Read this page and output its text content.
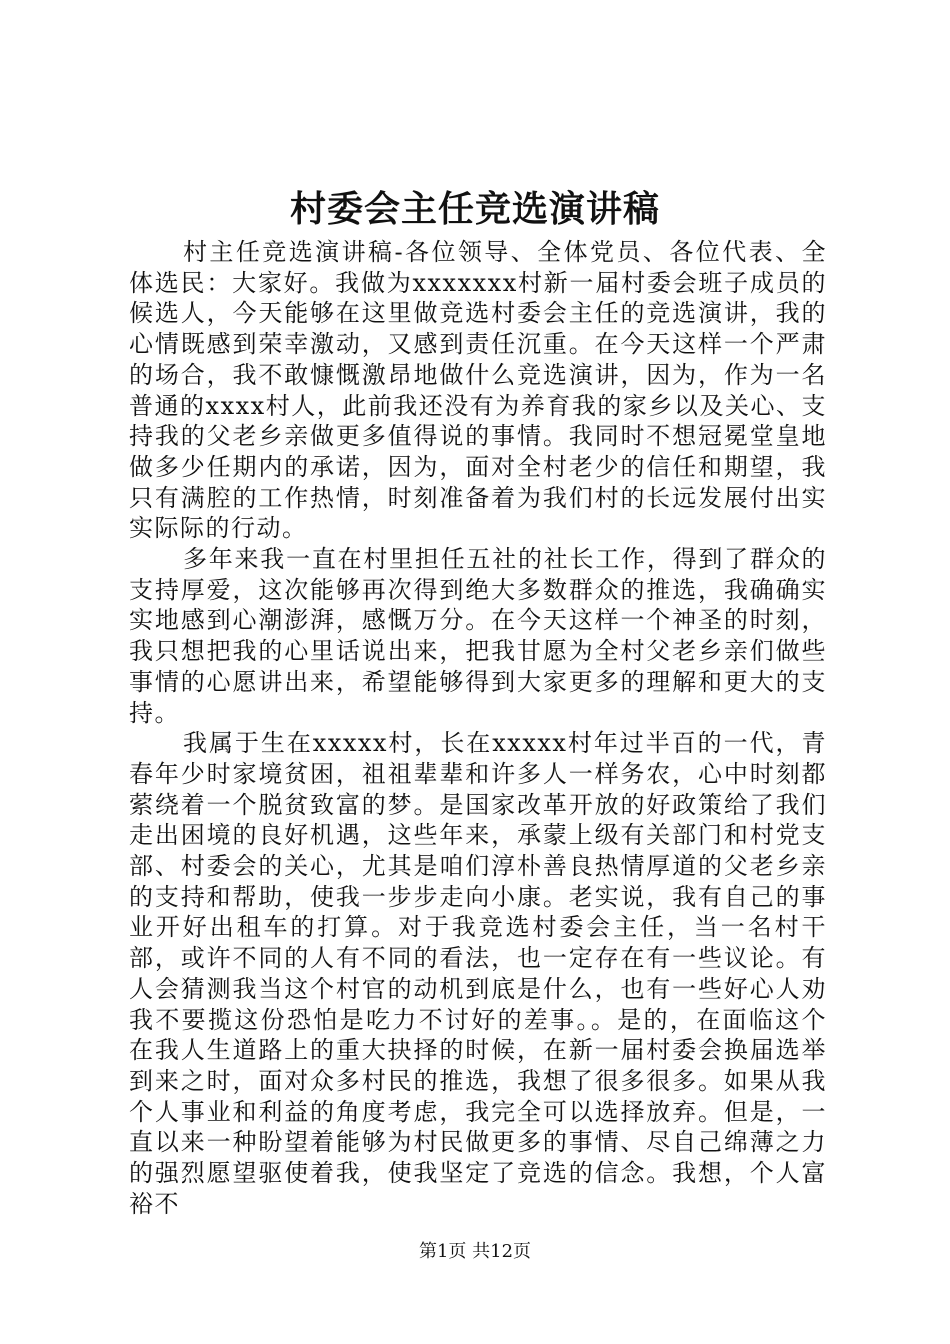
村委会主任竞选演讲稿

村主任竞选演讲稿-各位领导、全体党员、各位代表、全体选民：大家好。我做为xxxxxxx村新一届村委会班子成员的候选人，今天能够在这里做竞选村委会主任的竞选演讲，我的心情既感到荣幸激动，又感到责任沉重。在今天这样一个严肃的场合，我不敢慷慨激昂地做什么竞选演讲，因为，作为一名普通的xxxx村人，此前我还没有为养育我的家乡以及关心、支持我的父老乡亲做更多值得说的事情。我同时不想冠冕堂皇地做多少任期内的承诺，因为，面对全村老少的信任和期望，我只有满腔的工作热情，时刻准备着为我们村的长远发展付出实实际际的行动。

多年来我一直在村里担任五社的社长工作，得到了群众的支持厚爱，这次能够再次得到绝大多数群众的推选，我确确实实地感到心潮澎湃，感慨万分。在今天这样一个神圣的时刻，我只想把我的心里话说出来，把我甘愿为全村父老乡亲们做些事情的心愿讲出来，希望能够得到大家更多的理解和更大的支持。

我属于生在xxxxx村，长在xxxxx村年过半百的一代，青春年少时家境贫困，祖祖辈辈和许多人一样务农，心中时刻都萦绕着一个脱贫致富的梦。是国家改革开放的好政策给了我们走出困境的良好机遇，这些年来，承蒙上级有关部门和村党支部、村委会的关心，尤其是咱们淳朴善良热情厚道的父老乡亲的支持和帮助，使我一步步走向小康。老实说，我有自己的事业开好出租车的打算。对于我竞选村委会主任，当一名村干部，或许不同的人有不同的看法，也一定存在有一些议论。有人会猜测我当这个村官的动机到底是什么，也有一些好心人劝我不要揽这份恐怕是吃力不讨好的差事。。是的，在面临这个在我人生道路上的重大抉择的时候，在新一届村委会换届选举到来之时，面对众多村民的推选，我想了很多很多。如果从我个人事业和利益的角度考虑，我完全可以选择放弃。但是，一直以来一种盼望着能够为村民做更多的事情、尽自己绵薄之力的强烈愿望驱使着我，使我坚定了竞选的信念。我想，个人富裕不

第1页 共12页
